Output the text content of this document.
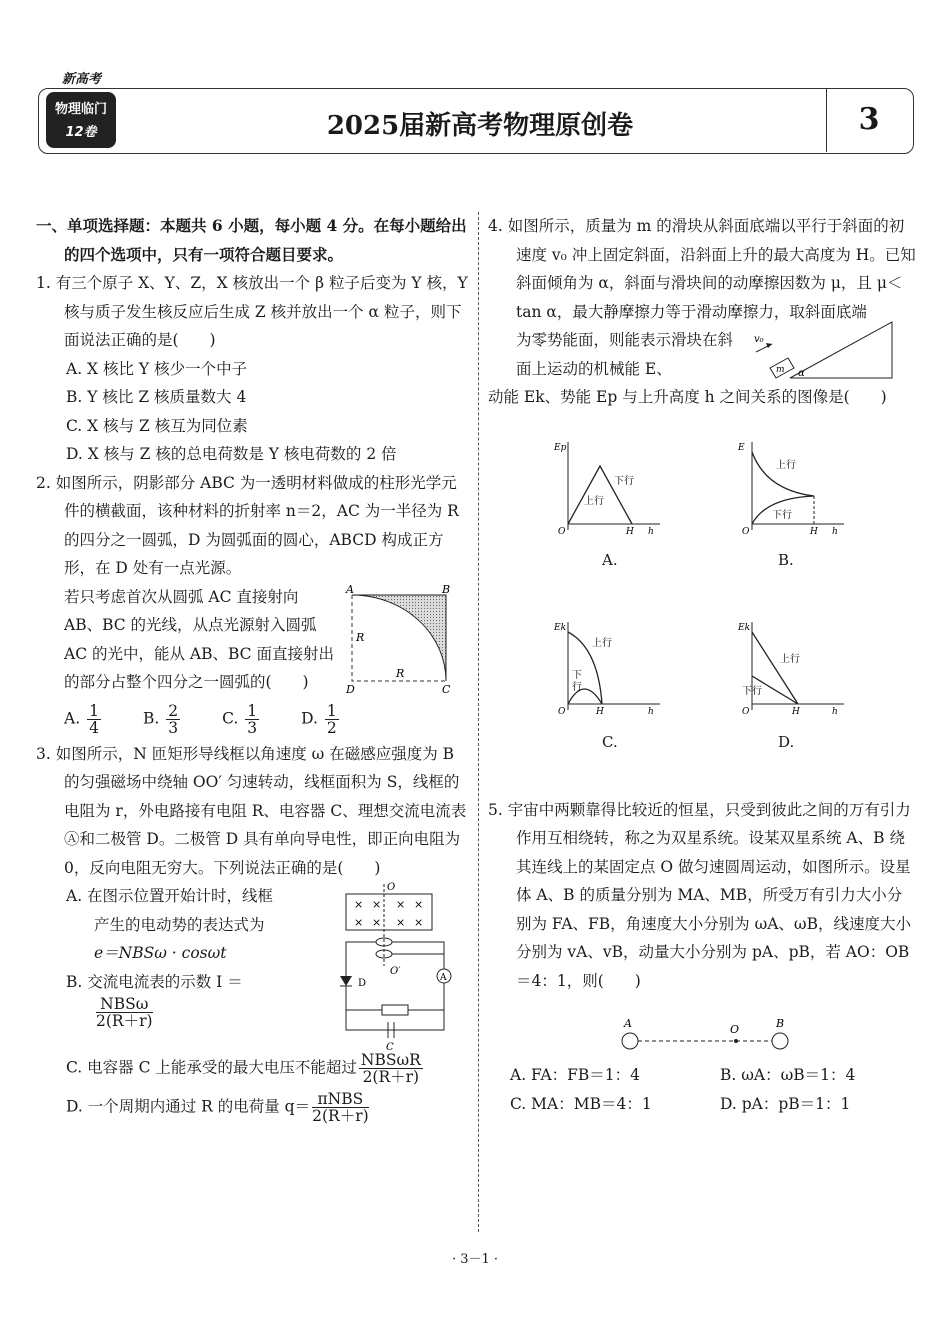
新高考
物理临门
12卷	2025届新高考物理原创卷	3

一、单项选择题：本题共 6 小题，每小题 4 分。在每小题给出的四个选项中，只有一项符合题目要求。

1. 有三个原子 X、Y、Z，X 核放出一个 β 粒子后变为 Y 核，Y 核与质子发生核反应后生成 Z 核并放出一个 α 粒子，则下面说法正确的是(　　)

A. X 核比 Y 核少一个中子

B. Y 核比 Z 核质量数大 4

C. X 核与 Z 核互为同位素

D. X 核与 Z 核的总电荷数是 Y 核电荷数的 2 倍

2. 如图所示，阴影部分 ABC 为一透明材料做成的柱形光学元件的横截面，该种材料的折射率 n＝2，AC 为一半径为 R 的四分之一圆弧，D 为圆弧面的圆心，ABCD 构成正方形，在 D 处有一点光源。

若只考虑首次从圆弧 AC 直接射向 AB、BC 的光线，从点光源射入圆弧 AC 的光中，能从 AB、BC 面直接射出的部分占整个四分之一圆弧的(　　)

A	B
C
D
R
R
A. $\frac{1}{4}$	B. $\frac{2}{3}$	C. $\frac{1}{3}$	D. $\frac{1}{2}$

3. 如图所示，N 匝矩形导线框以角速度 ω 在磁感应强度为 B 的匀强磁场中绕轴 OO′ 匀速转动，线框面积为 S，线框的电阻为 r，外电路接有电阻 R、电容器 C、理想交流电流表Ⓐ和二极管 D。二极管 D 具有单向导电性，即正向电阻为 0，反向电阻无穷大。下列说法正确的是(　　)

A. 在图示位置开始计时，线框
产生的电动势的表达式为
e＝NBSω · cosωt
B. 交流电流表的示数 I ＝
$\frac{\text{NBSω}}{2(R+r)}$
O
× × × ×
× × × ×
O′
A
D
C

C. 电容器 C 上能承受的最大电压不能超过 $\frac{\text{NBSωR}}{2(R+r)}$

D. 一个周期内通过 R 的电荷量 $q= \frac{\text{πNBS}}{2(R+r)}$

4. 如图所示，质量为 m 的滑块从斜面底端以平行于斜面的初速度 v₀ 冲上固定斜面，沿斜面上升的最大高度为 H。已知斜面倾角为 α，斜面与滑块间的动摩擦因数为 μ，且 μ＜tan α，最大静摩擦力等于滑动摩擦力，取斜面底端

为零势能面，则能表示滑块在斜面上运动的机械能 E、	m
v₀
α

动能 Ek、势能 Ep 与上升高度 h 之间关系的图像是(　　)

Ep
O	H h
上行
下行
A.
E
O	H h
上行
下行
B.
Ek
O	H	h
上行
下
行
C.
Ek
O	H	h
上行
下行
D.

5. 宇宙中两颗靠得比较近的恒星，只受到彼此之间的万有引力作用互相绕转，称之为双星系统。设某双星系统 A、B 绕其连线上的某固定点 O 做匀速圆周运动，如图所示。设星体 A、B 的质量分别为 MA、MB，所受万有引力大小分别为 FA、FB，角速度大小分别为 ωA、ωB，线速度大小分别为 vA、vB，动量大小分别为 pA、pB，若 AO：OB＝4：1，则(　　)

A	O	B
A. FA：FB＝1：4	B. ωA：ωB＝1：4
C. MA：MB＝4：1	D. pA：pB＝1：1
· 3－1 ·
